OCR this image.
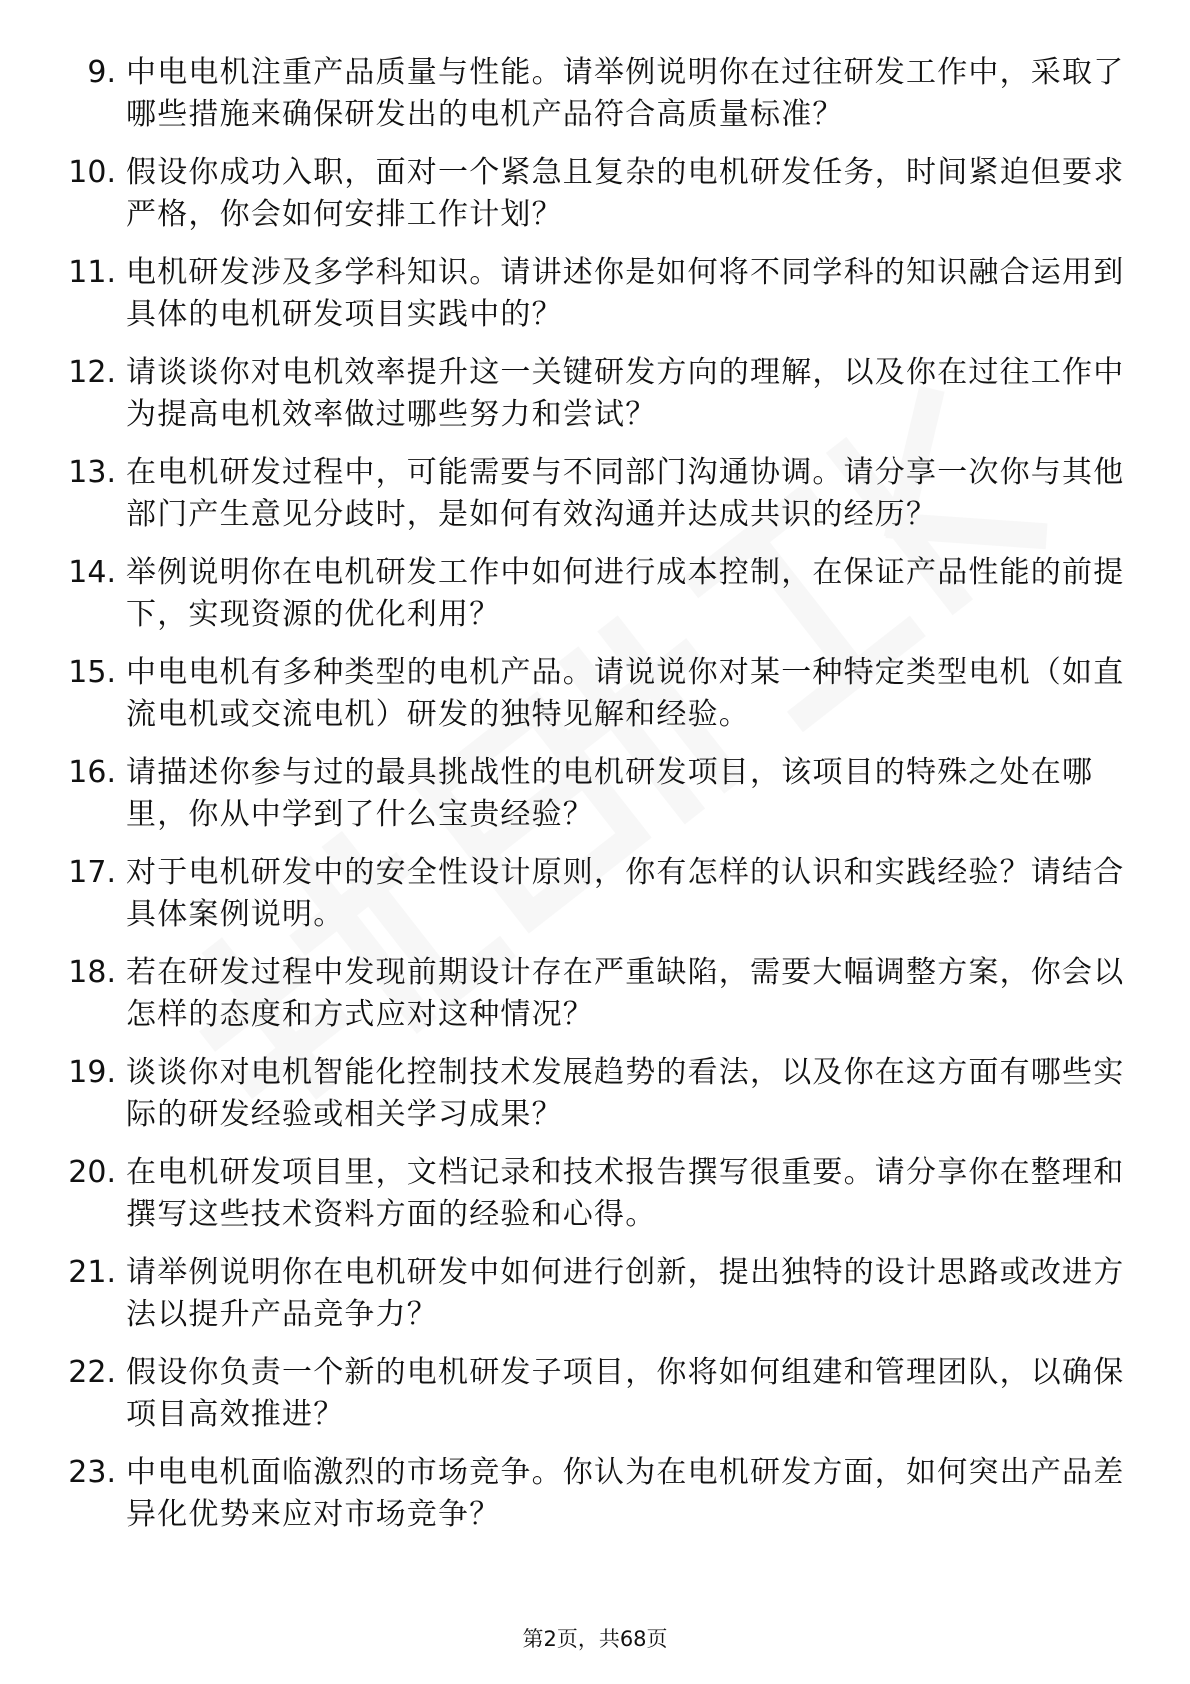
9. 中电电机注重产品质量与性能。请举例说明你在过往研发工作中，采取了哪些措施来确保研发出的电机产品符合高质量标准？
10. 假设你成功入职，面对一个紧急且复杂的电机研发任务，时间紧迫但要求严格，你会如何安排工作计划？
11. 电机研发涉及多学科知识。请讲述你是如何将不同学科的知识融合运用到具体的电机研发项目实践中的？
12. 请谈谈你对电机效率提升这一关键研发方向的理解，以及你在过往工作中为提高电机效率做过哪些努力和尝试？
13. 在电机研发过程中，可能需要与不同部门沟通协调。请分享一次你与其他部门产生意见分歧时，是如何有效沟通并达成共识的经历？
14. 举例说明你在电机研发工作中如何进行成本控制，在保证产品性能的前提下，实现资源的优化利用？
15. 中电电机有多种类型的电机产品。请说说你对某一种特定类型电机（如直流电机或交流电机）研发的独特见解和经验。
16. 请描述你参与过的最具挑战性的电机研发项目，该项目的特殊之处在哪里，你从中学到了什么宝贵经验？
17. 对于电机研发中的安全性设计原则，你有怎样的认识和实践经验？请结合具体案例说明。
18. 若在研发过程中发现前期设计存在严重缺陷，需要大幅调整方案，你会以怎样的态度和方式应对这种情况？
19. 谈谈你对电机智能化控制技术发展趋势的看法，以及你在这方面有哪些实际的研发经验或相关学习成果？
20. 在电机研发项目里，文档记录和技术报告撰写很重要。请分享你在整理和撰写这些技术资料方面的经验和心得。
21. 请举例说明你在电机研发中如何进行创新，提出独特的设计思路或改进方法以提升产品竞争力？
22. 假设你负责一个新的电机研发子项目，你将如何组建和管理团队，以确保项目高效推进？
23. 中电电机面临激烈的市场竞争。你认为在电机研发方面，如何突出产品差异化优势来应对市场竞争？
第2页，共68页
